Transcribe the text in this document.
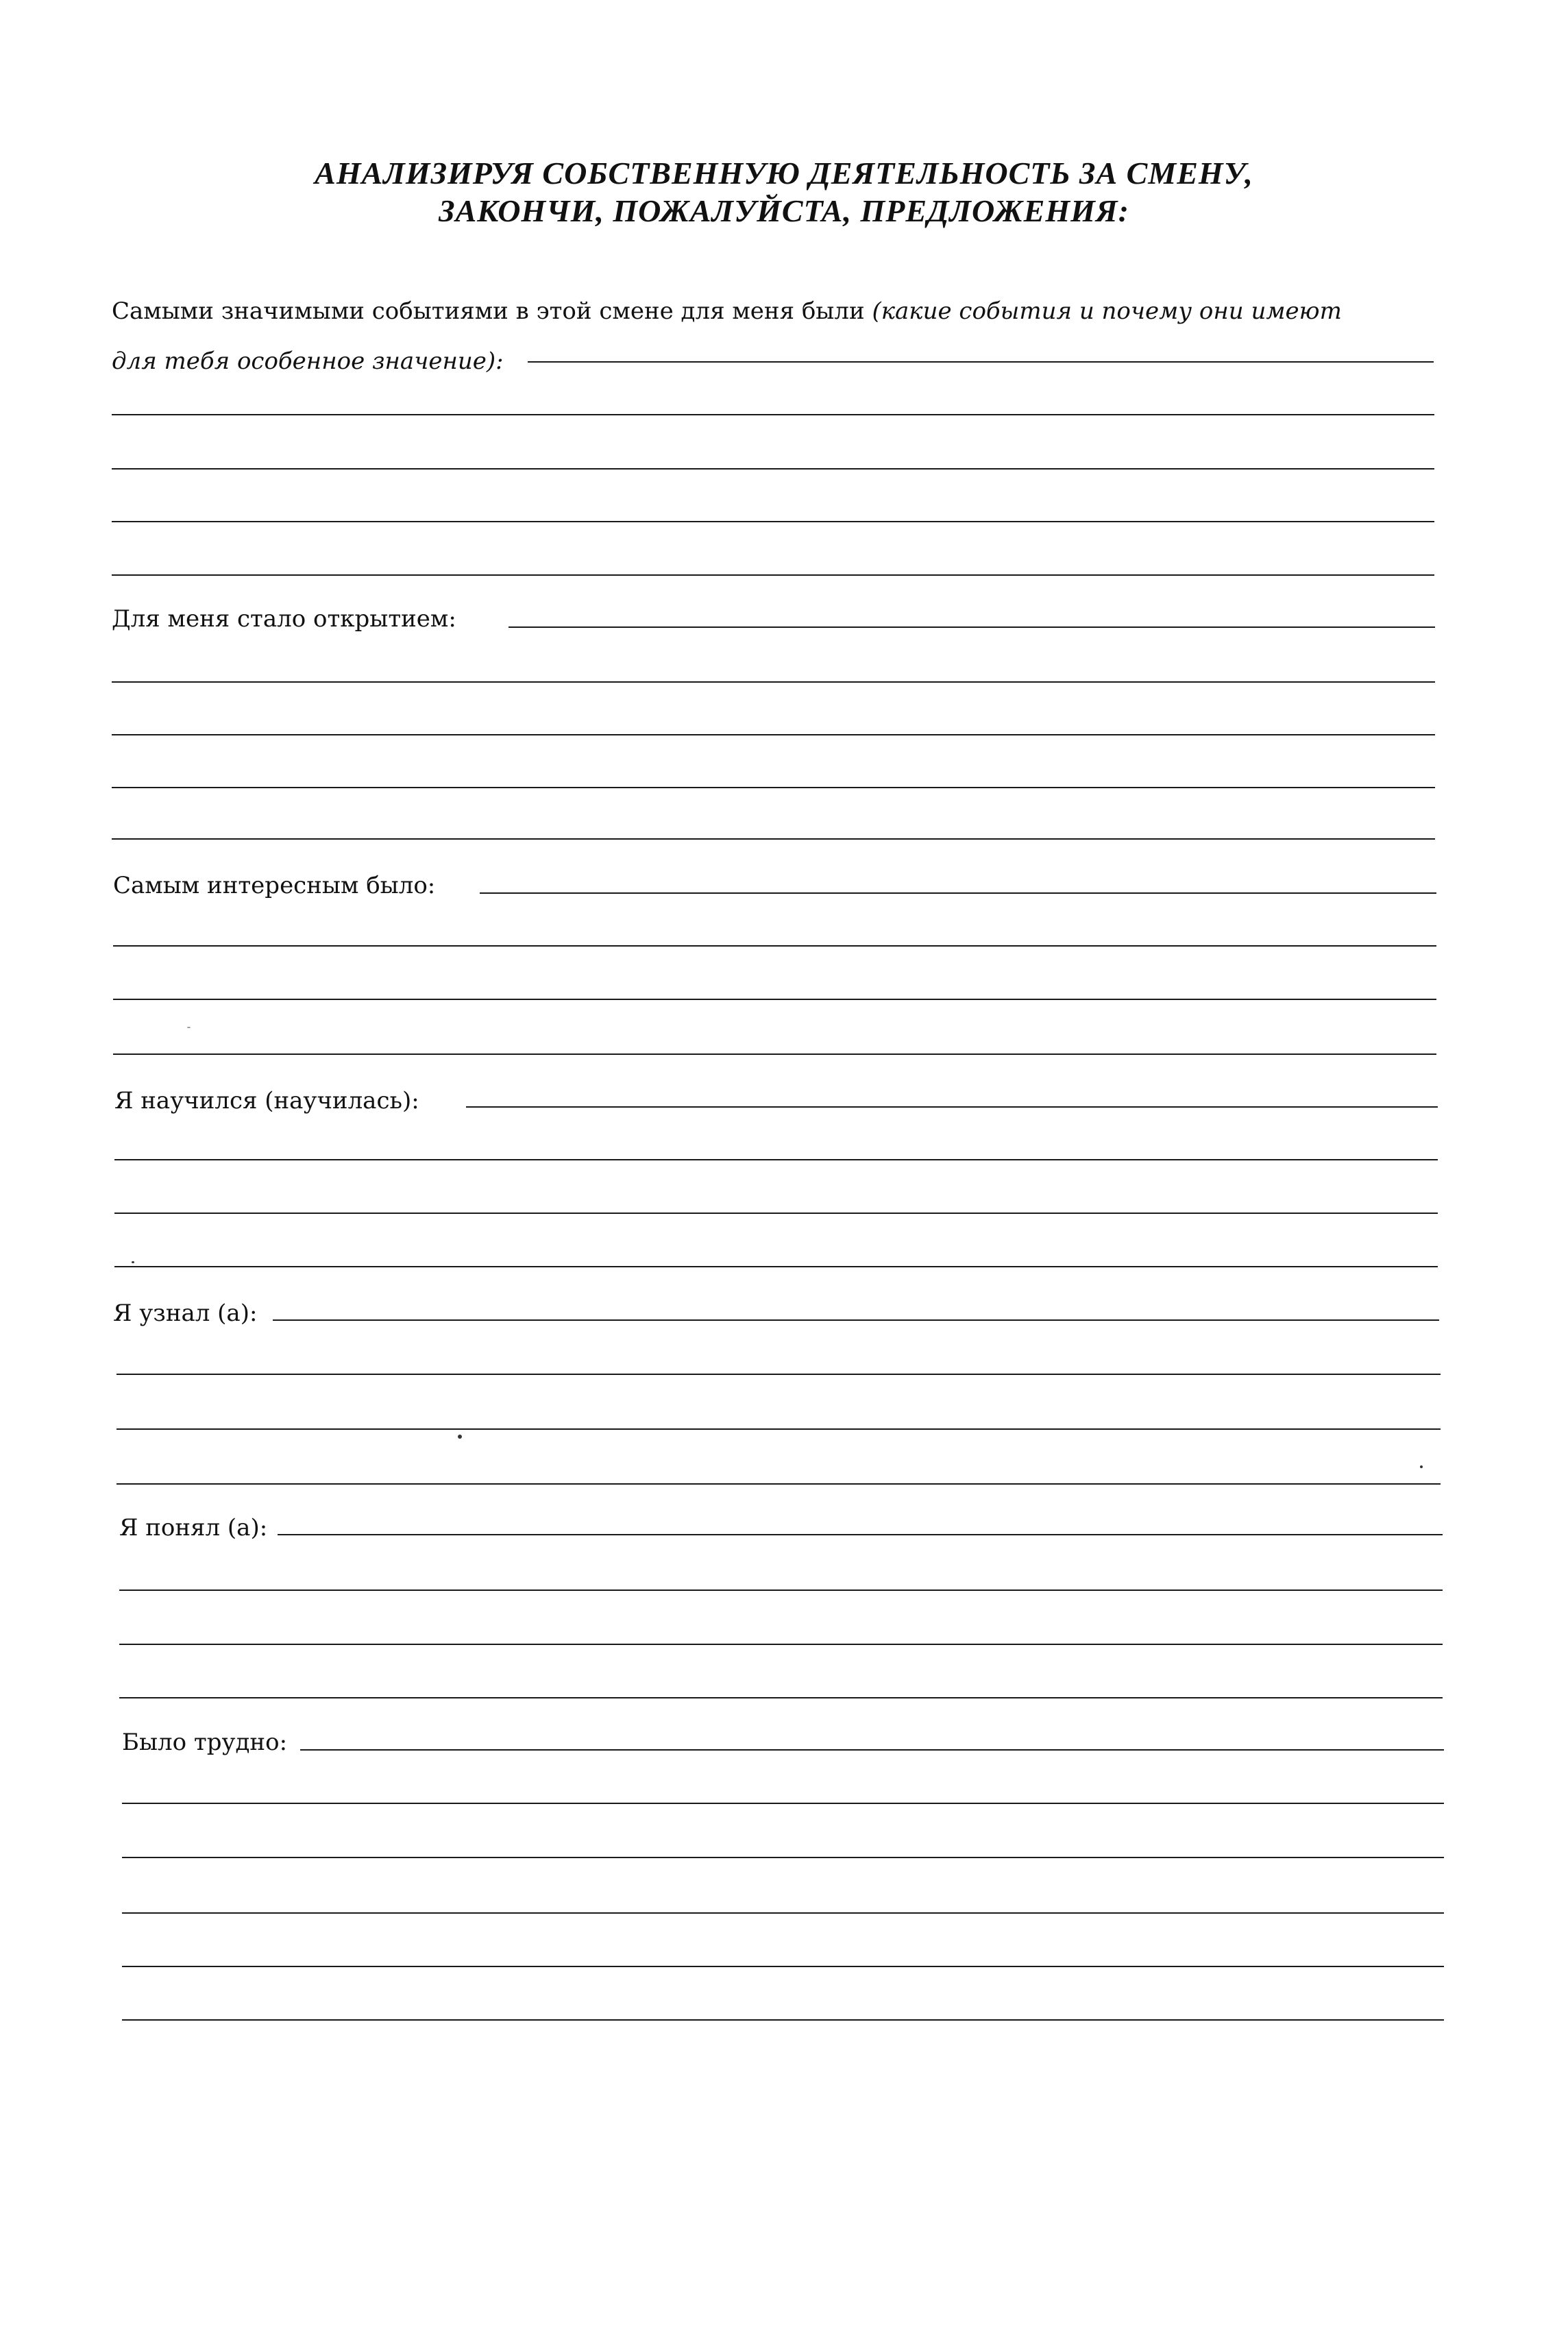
АНАЛИЗИРУЯ СОБСТВЕННУЮ ДЕЯТЕЛЬНОСТЬ ЗА СМЕНУ,
ЗАКОНЧИ, ПОЖАЛУЙСТА, ПРЕДЛОЖЕНИЯ:
Самыми значимыми событиями в этой смене для меня были (какие события и почему они имеют
для тебя особенное значение):
Для меня стало открытием:
Самым интересным было:
Я научился (научилась):
Я узнал (а):
Я понял (а):
Было трудно:
